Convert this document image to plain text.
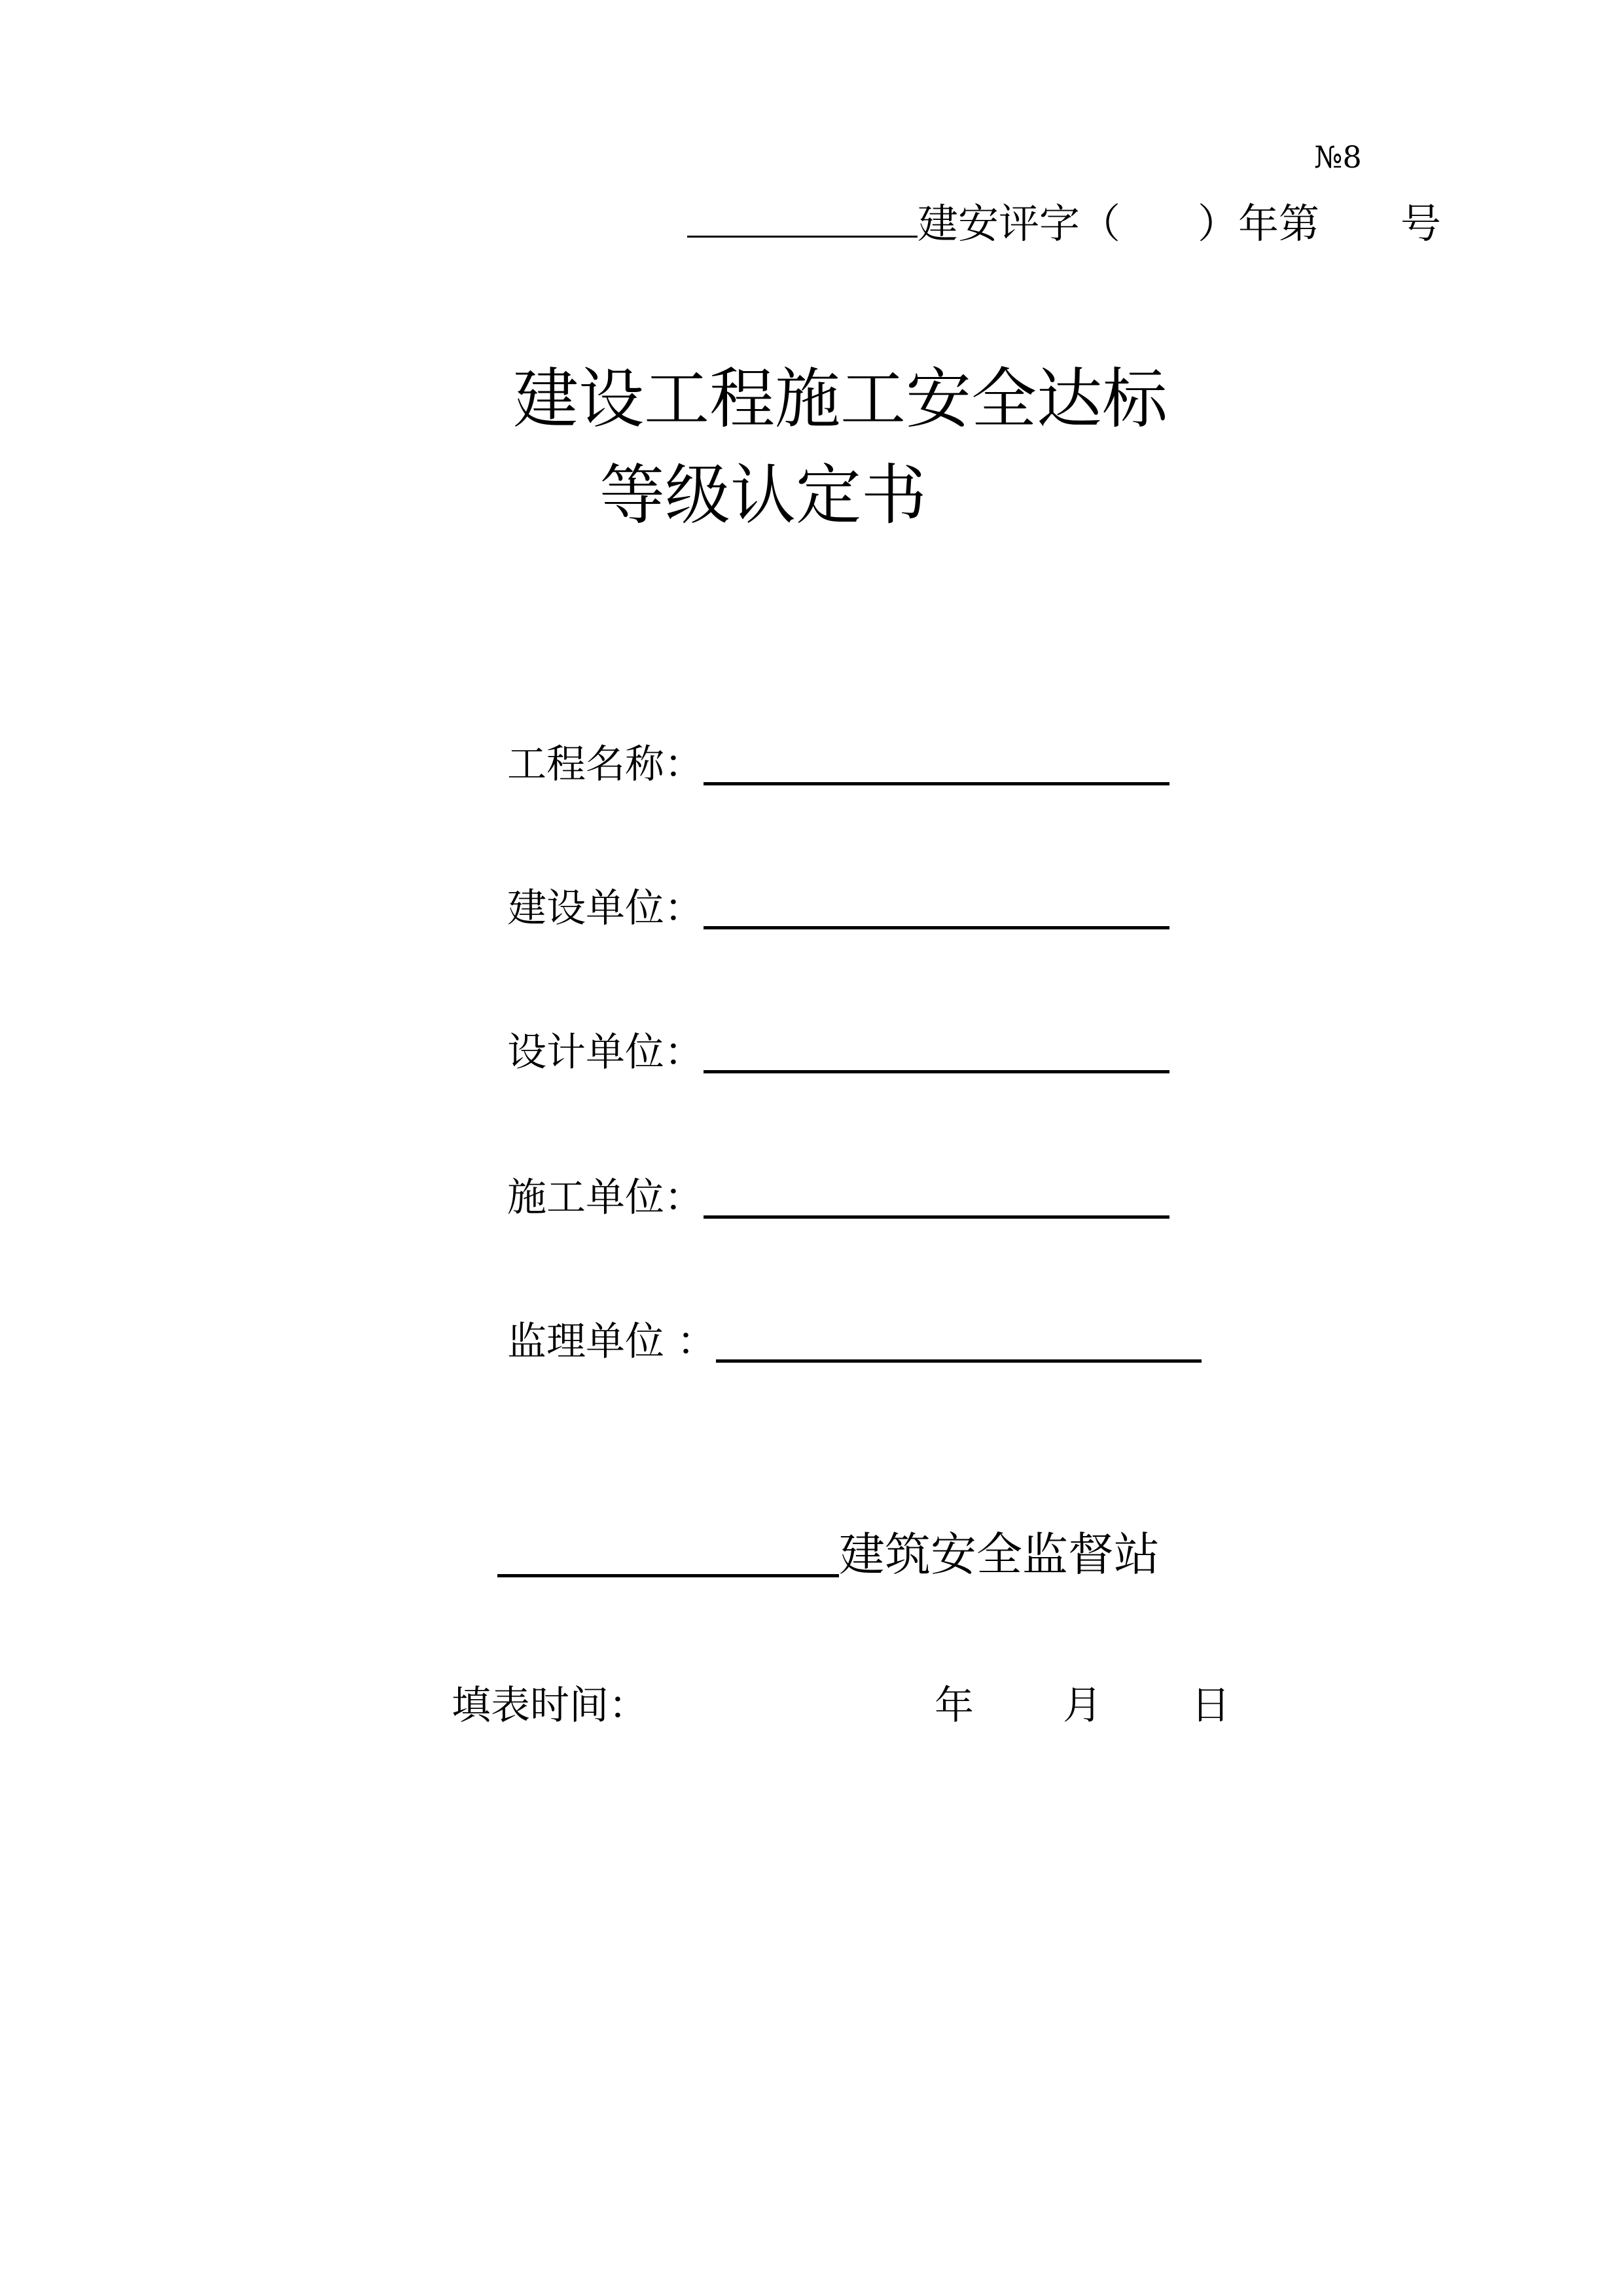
№8
建安评字（ ）年第 号
建设工程施工安全达标
等级认定书
工程名称：
建设单位：
设计单位：
施工单位：
监理单位 ：
建筑安全监督站
填表时间：	年 月 日
